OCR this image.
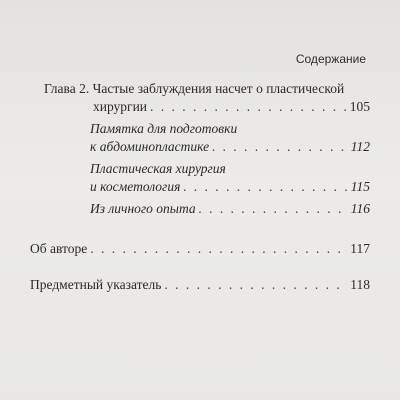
Содержание
Глава 2. Частые заблуждения насчет о пластической
хирургии . . .	105
Памятка для подготовки
к абдоминопластике . . .	112
Пластическая хирургия
и косметология . . .	115
Из личного опыта . . .	116
Об авторе . . .	117
Предметный указатель . . .	118
